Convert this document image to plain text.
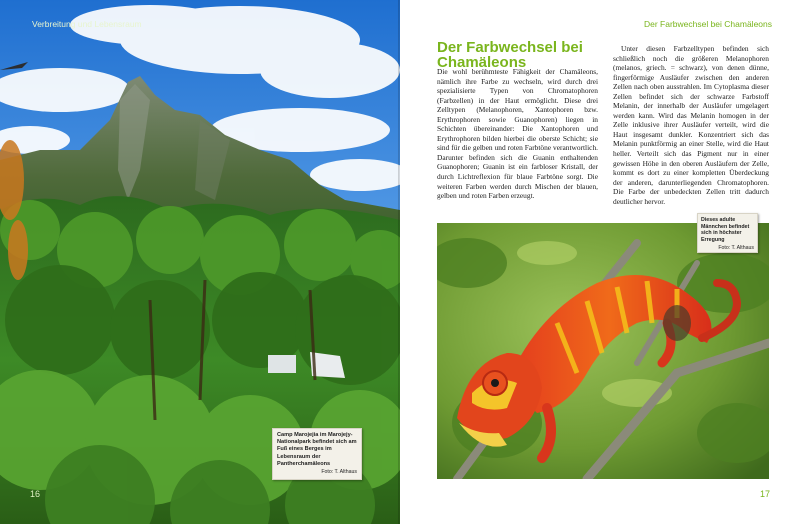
Verbreitung und Lebensraum

Camp Marojejia im Marojejy-Nationalpark befindet sich am Fuß eines Berges im Lebensraum der Pantherchamäleons

Foto: T. Althaus
16
Der Farbwechsel bei Chamäleons
Der Farbwechsel bei Chamäleons

Die wohl berühmteste Fähigkeit der Chamäleons, nämlich ihre Farbe zu wechseln, wird durch drei spezialisierte Typen von Chromatophoren (Farbzellen) in der Haut ermöglicht. Diese drei Zelltypen (Melanophoren, Xantophoren bzw. Erythrophoren sowie Guanophoren) liegen in Schichten übereinander: Die Xantophoren und Erythrophoren bilden hierbei die oberste Schicht; sie sind für die gelben und roten Farbtöne verantwortlich. Darunter befinden sich die Guanin enthaltenden Guanophoren; Guanin ist ein farbloser Kristall, der durch Lichtreflexion für blaue Farbtöne sorgt. Die weiteren Farben werden durch Mischen der blauen, gelben und roten Farben erzeugt.

Unter diesen Farbzelltypen befinden sich schließlich noch die größeren Melanophoren (melanos, griech. = schwarz), von denen dünne, fingerförmige Ausläufer zwischen den anderen Zellen nach oben ausstrahlen. Im Cytoplasma dieser Zellen befindet sich der schwarze Farbstoff Melanin, der innerhalb der Ausläufer umgelagert werden kann. Wird das Melanin homogen in der Zelle inklusive ihrer Ausläufer verteilt, wird die Haut insgesamt dunkler. Konzentriert sich das Melanin punktförmig an einer Stelle, wird die Haut heller. Verteilt sich das Pigment nur in einer gewissen Höhe in den oberen Ausläufern der Zelle, kommt es dort zu einer kompletten Überdeckung der anderen, darunterliegenden Chromatophoren. Die Farbe der unbedeckten Zellen tritt dadurch deutlicher hervor.

Dieses adulte Männchen befindet sich in höchster Erregung

Foto: T. Althaus
17
